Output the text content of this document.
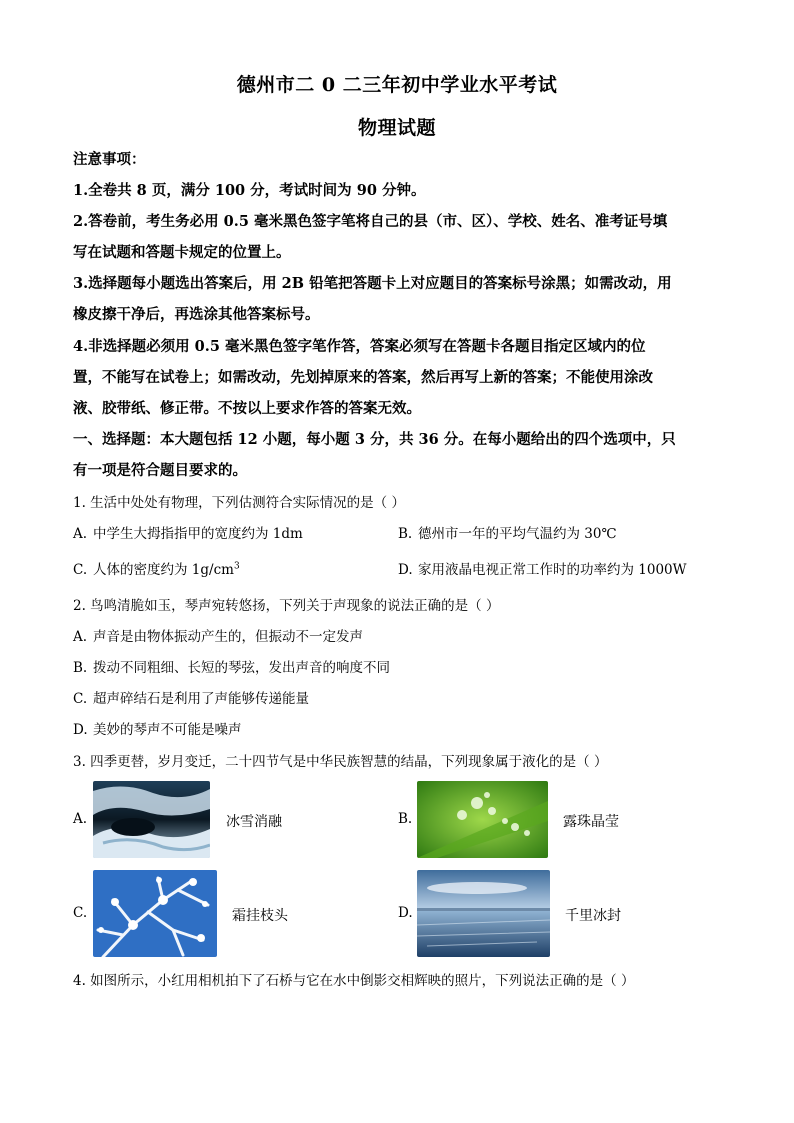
德州市二 0 二三年初中学业水平考试
物理试题
注意事项：
1.全卷共 8 页，满分 100 分，考试时间为 90 分钟。
2.答卷前，考生务必用 0.5 毫米黑色签字笔将自己的县（市、区）、学校、姓名、准考证号填
写在试题和答题卡规定的位置上。
3.选择题每小题选出答案后，用 2B 铅笔把答题卡上对应题目的答案标号涂黑；如需改动，用
橡皮擦干净后，再选涂其他答案标号。
4.非选择题必须用 0.5 毫米黑色签字笔作答，答案必须写在答题卡各题目指定区域内的位
置，不能写在试卷上；如需改动，先划掉原来的答案，然后再写上新的答案；不能使用涂改
液、胶带纸、修正带。不按以上要求作答的答案无效。
一、选择题：本大题包括 12 小题，每小题 3 分，共 36 分。在每小题给出的四个选项中，只
有一项是符合题目要求的。
1. 生活中处处有物理，下列估测符合实际情况的是（ ）
A. 中学生大拇指指甲的宽度约为 1dm	B. 德州市一年的平均气温约为 30℃
C. 人体的密度约为 $1g/cm^3$	D. 家用液晶电视正常工作时的功率约为 1000W
2. 鸟鸣清脆如玉，琴声宛转悠扬，下列关于声现象的说法正确的是（ ）
A. 声音是由物体振动产生的，但振动不一定发声
B. 拨动不同粗细、长短的琴弦，发出声音的响度不同
C. 超声碎结石是利用了声能够传递能量
D. 美妙的琴声不可能是噪声
3. 四季更替，岁月变迁，二十四节气是中华民族智慧的结晶，下列现象属于液化的是（ ）
A.	冰雪消融	B.	露珠晶莹
C.	霜挂枝头	D.	千里冰封
4. 如图所示，小红用相机拍下了石桥与它在水中倒影交相辉映的照片，下列说法正确的是（ ）
